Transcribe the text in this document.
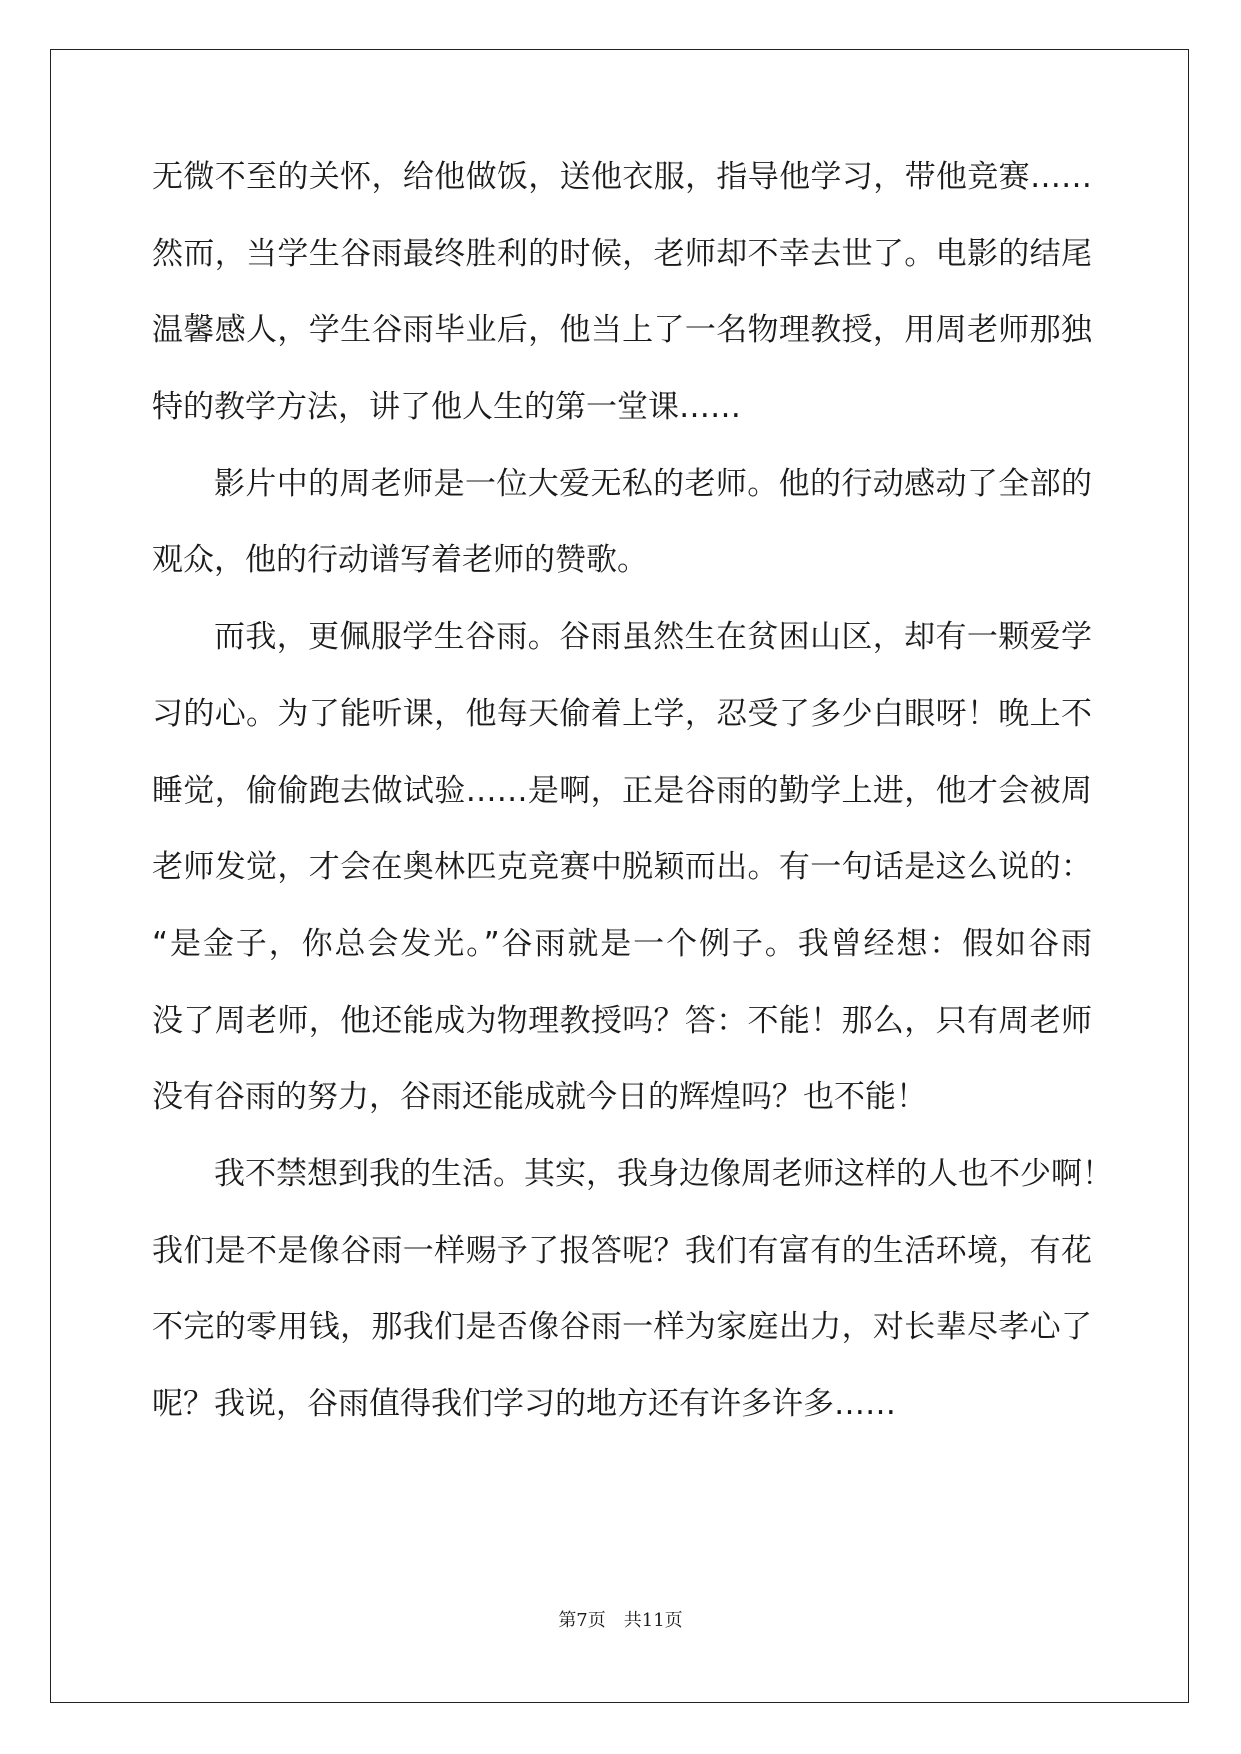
无微不至的关怀，给他做饭，送他衣服，指导他学习，带他竞赛……
然而，当学生谷雨最终胜利的时候，老师却不幸去世了。电影的结尾
温馨感人，学生谷雨毕业后，他当上了一名物理教授，用周老师那独
特的教学方法，讲了他人生的第一堂课……
影片中的周老师是一位大爱无私的老师。他的行动感动了全部的
观众，他的行动谱写着老师的赞歌。
而我，更佩服学生谷雨。谷雨虽然生在贫困山区，却有一颗爱学
习的心。为了能听课，他每天偷着上学，忍受了多少白眼呀！晚上不
睡觉，偷偷跑去做试验……是啊，正是谷雨的勤学上进，他才会被周
老师发觉，才会在奥林匹克竞赛中脱颖而出。有一句话是这么说的：
“是金子，你总会发光。”谷雨就是一个例子。我曾经想：假如谷雨
没了周老师，他还能成为物理教授吗？答：不能！那么，只有周老师
没有谷雨的努力，谷雨还能成就今日的辉煌吗？也不能！
我不禁想到我的生活。其实，我身边像周老师这样的人也不少啊！
我们是不是像谷雨一样赐予了报答呢？我们有富有的生活环境，有花
不完的零用钱，那我们是否像谷雨一样为家庭出力，对长辈尽孝心了
呢？我说，谷雨值得我们学习的地方还有许多许多……
第7页　共11页
